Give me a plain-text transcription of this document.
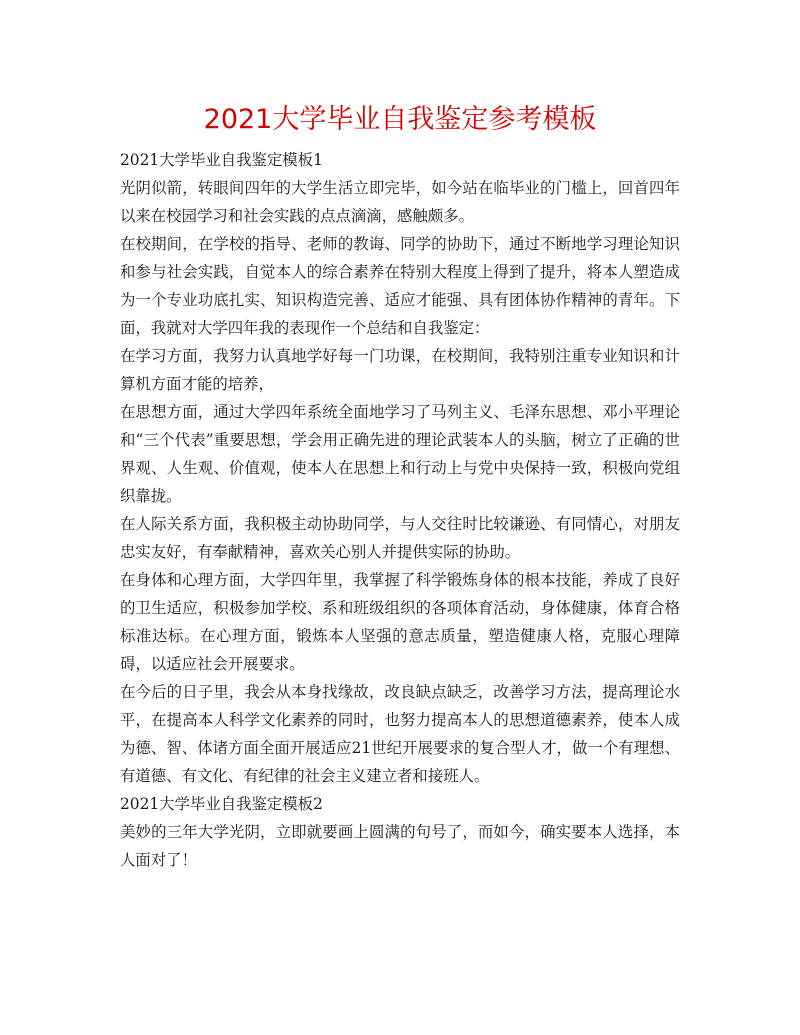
2021大学毕业自我鉴定参考模板

2021大学毕业自我鉴定模板1

光阴似箭，转眼间四年的大学生活立即完毕，如今站在临毕业的门槛上，回首四年以来在校园学习和社会实践的点点滴滴，感触颇多。

在校期间，在学校的指导、老师的教诲、同学的协助下，通过不断地学习理论知识和参与社会实践，自觉本人的综合素养在特别大程度上得到了提升，将本人塑造成为一个专业功底扎实、知识构造完善、适应才能强、具有团体协作精神的青年。下面，我就对大学四年我的表现作一个总结和自我鉴定：

在学习方面，我努力认真地学好每一门功课，在校期间，我特别注重专业知识和计算机方面才能的培养，

在思想方面，通过大学四年系统全面地学习了马列主义、毛泽东思想、邓小平理论和“三个代表”重要思想，学会用正确先进的理论武装本人的头脑，树立了正确的世界观、人生观、价值观，使本人在思想上和行动上与党中央保持一致，积极向党组织靠拢。

在人际关系方面，我积极主动协助同学，与人交往时比较谦逊、有同情心，对朋友忠实友好，有奉献精神，喜欢关心别人并提供实际的协助。

在身体和心理方面，大学四年里，我掌握了科学锻炼身体的根本技能，养成了良好的卫生适应，积极参加学校、系和班级组织的各项体育活动，身体健康，体育合格标准达标。在心理方面，锻炼本人坚强的意志质量，塑造健康人格，克服心理障碍，以适应社会开展要求。

在今后的日子里，我会从本身找缘故，改良缺点缺乏，改善学习方法，提高理论水平，在提高本人科学文化素养的同时，也努力提高本人的思想道德素养，使本人成为德、智、体诸方面全面开展适应21世纪开展要求的复合型人才，做一个有理想、有道德、有文化、有纪律的社会主义建立者和接班人。

2021大学毕业自我鉴定模板2

美妙的三年大学光阴，立即就要画上圆满的句号了，而如今，确实要本人选择，本人面对了！
